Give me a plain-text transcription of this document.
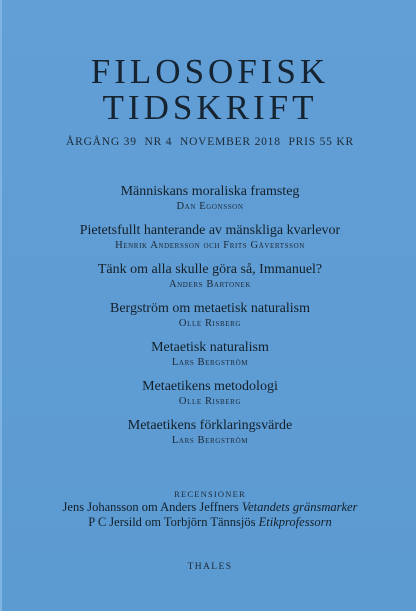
FILOSOFISK
TIDSKRIFT
ÅRGÅNG 39 NR 4 NOVEMBER 2018 PRIS 55 KR
Människans moraliska framsteg
Dan Egonsson
Pietetsfullt hanterande av mänskliga kvarlevor
Henrik Andersson och Frits Gåvertsson
Tänk om alla skulle göra så, Immanuel?
Anders Bartonek
Bergström om metaetisk naturalism
Olle Risberg
Metaetisk naturalism
Lars Bergström
Metaetikens metodologi
Olle Risberg
Metaetikens förklaringsvärde
Lars Bergström
RECENSIONER
Jens Johansson om Anders Jeffners Vetandets gränsmarker
P C Jersild om Torbjörn Tännsjös Etikprofessorn
THALES
